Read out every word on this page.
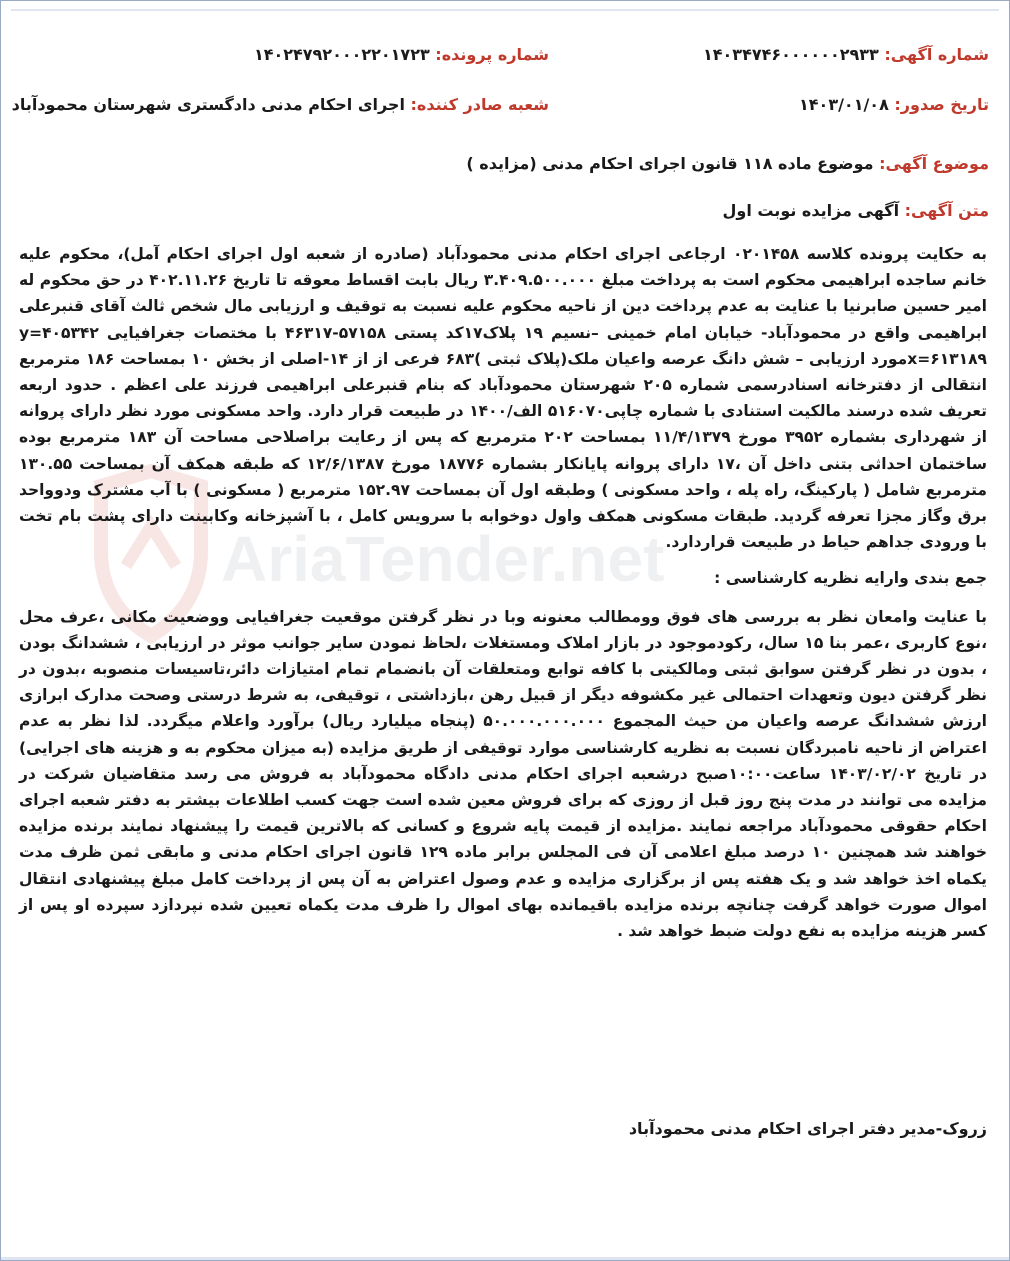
AriaTender.net
شماره آگهی: ۱۴۰۳۴۷۴۶۰۰۰۰۰۰۲۹۳۳
شماره پرونده: ۱۴۰۲۴۷۹۲۰۰۰۲۲۰۱۷۲۳
تاریخ صدور: ۱۴۰۳/۰۱/۰۸
شعبه صادر کننده: اجرای احکام مدنی دادگستری شهرستان محمودآباد
موضوع آگهی: موضوع ماده ۱۱۸ قانون اجرای احکام مدنی (مزایده )
متن آگهی: آگهی مزایده نوبت اول

به حکایت پرونده کلاسه ۰۲۰۱۴۵۸ ارجاعی اجرای احکام مدنی محمودآباد (صادره از شعبه اول اجرای احکام آمل)، محکوم علیه خانم ساجده ابراهیمی محکوم است به پرداخت مبلغ ۳.۴۰۹.۵۰۰.۰۰۰ ریال بابت اقساط معوقه تا تاریخ ۴۰۲.۱۱.۲۶ در حق محکوم له امیر حسین صابرنیا با عنایت به عدم پرداخت دین از ناحیه محکوم علیه نسبت به توقیف و ارزیابی مال شخص ثالث آقای قنبرعلی ابراهیمی واقع در محمودآباد- خیابان امام خمینی –نسیم ۱۹ پلاک۱۷کد پستی ۵۷۱۵۸-۴۶۳۱۷ با مختصات جغرافیایی y=۴۰۵۳۴۲ x=۶۱۳۱۸۹مورد ارزیابی – شش دانگ عرصه واعیان ملک(پلاک ثبتی )۶۸۳ فرعی از از ۱۴-اصلی از بخش ۱۰ بمساحت ۱۸۶ مترمربع انتقالی از دفترخانه اسنادرسمی شماره ۲۰۵ شهرستان محمودآباد که بنام قنبرعلی ابراهیمی فرزند علی اعظم . حدود اربعه تعریف شده درسند مالکیت استنادی با شماره چاپی۵۱۶۰۷۰ الف/۱۴۰۰ در طبیعت قرار دارد. واحد مسکونی مورد نظر دارای پروانه از شهرداری بشماره ۳۹۵۲ مورخ ۱۱/۴/۱۳۷۹ بمساحت ۲۰۲ مترمربع که پس از رعایت براصلاحی مساحت آن ۱۸۳ مترمربع بوده ساختمان احداثی بتنی داخل آن ،۱۷ دارای پروانه پایانکار بشماره ۱۸۷۷۶ مورخ ۱۲/۶/۱۳۸۷ که طبقه همکف آن بمساحت ۱۳۰.۵۵ مترمربع شامل ( پارکینگ، راه پله ، واحد مسکونی ) وطبقه اول آن بمساحت ۱۵۲.۹۷ مترمربع ( مسکونی ) با آب مشترک ودوواحد برق وگاز مجزا تعرفه گردید. طبقات مسکونی همکف واول دوخوابه با سرویس کامل ، با آشپزخانه وکابینت دارای پشت بام تخت با ورودی جداهم حیاط در طبیعت قراردارد.

جمع بندی وارایه نظریه کارشناسی :

با عنایت وامعان نظر به بررسی های فوق وومطالب معنونه وبا در نظر گرفتن موقعیت جغرافیایی ووضعیت مکانی ،عرف محل ،نوع کاربری ،عمر بنا ۱۵ سال، رکودموجود در بازار املاک ومستغلات ،لحاظ نمودن سایر جوانب موثر در ارزیابی ، ششدانگ بودن ، بدون در نظر گرفتن سوابق ثبتی ومالکیتی با کافه توابع ومتعلقات آن بانضمام تمام امتیازات دائر،تاسیسات منصوبه ،بدون در نظر گرفتن دیون وتعهدات احتمالی غیر مکشوفه دیگر از قبیل رهن ،بازداشتی ، توقیفی، به شرط درستی وصحت مدارک ابرازی ارزش ششدانگ عرصه واعیان من حیث المجموع ۵۰.۰۰۰.۰۰۰.۰۰۰ (پنجاه میلیارد ریال) برآورد واعلام میگردد. لذا نظر به عدم اعتراض از ناحیه نامبردگان نسبت به نظریه کارشناسی موارد توقیفی از طریق مزایده (به میزان محکوم به و هزینه های اجرایی) در تاریخ ۱۴۰۳/۰۲/۰۲ ساعت۱۰:۰۰صبح درشعبه اجرای احکام مدنی دادگاه محمودآباد به فروش می رسد متقاضیان شرکت در مزایده می توانند در مدت پنج روز قبل از روزی که برای فروش معین شده است جهت کسب اطلاعات بیشتر به دفتر شعبه اجرای احکام حقوقی محمودآباد مراجعه نمایند .مزایده از قیمت پایه شروع و کسانی که بالاترین قیمت را پیشنهاد نمایند برنده مزایده خواهند شد همچنین ۱۰ درصد مبلغ اعلامی آن فی المجلس برابر ماده ۱۲۹ قانون اجرای احکام مدنی و مابقی ثمن ظرف مدت یکماه اخذ خواهد شد و یک هفته پس از برگزاری مزایده و عدم وصول اعتراض به آن پس از پرداخت کامل مبلغ پیشنهادی انتقال اموال صورت خواهد گرفت چنانچه برنده مزایده باقیمانده بهای اموال را ظرف مدت یکماه تعیین شده نپردازد سپرده او پس از کسر هزینه مزایده به نفع دولت ضبط خواهد شد .

زروک-مدیر دفتر اجرای احکام مدنی محمودآباد
